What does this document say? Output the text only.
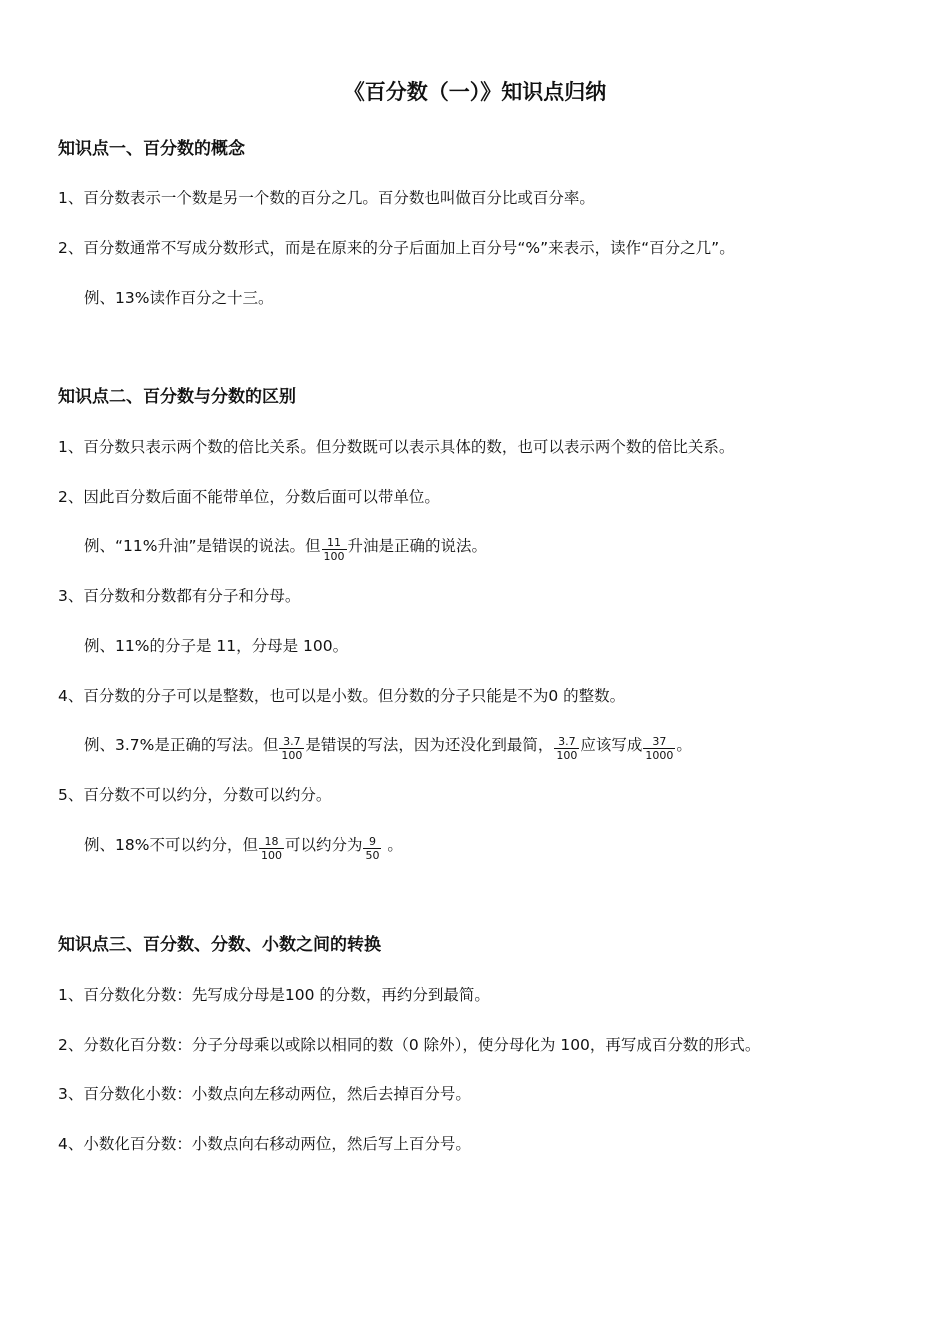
《百分数（一）》知识点归纳
知识点一、百分数的概念
1、百分数表示一个数是另一个数的百分之几。百分数也叫做百分比或百分率。
2、百分数通常不写成分数形式，而是在原来的分子后面加上百分号“%”来表示，读作“百分之几”。
例、13%读作百分之十三。
知识点二、百分数与分数的区别
1、百分数只表示两个数的倍比关系。但分数既可以表示具体的数，也可以表示两个数的倍比关系。
2、因此百分数后面不能带单位，分数后面可以带单位。
例、“11%升油”是错误的说法。但 $\frac{11}{100}$ 升油是正确的说法。
3、百分数和分数都有分子和分母。
例、11%的分子是 11，分母是 100。
4、百分数的分子可以是整数，也可以是小数。但分数的分子只能是不为0 的整数。
例、3.7%是正确的写法。但 $\frac{3.7}{100}$ 是错误的写法，因为还没化到最简， $\frac{3.7}{100}$ 应该写成 $\frac{37}{1000}$ 。
5、百分数不可以约分，分数可以约分。
例、18%不可以约分，但 $\frac{18}{100}$ 可以约分为 $\frac{9}{50}$ 。
知识点三、百分数、分数、小数之间的转换
1、百分数化分数：先写成分母是100 的分数，再约分到最简。
2、分数化百分数：分子分母乘以或除以相同的数（0 除外），使分母化为 100，再写成百分数的形式。
3、百分数化小数：小数点向左移动两位，然后去掉百分号。
4、小数化百分数：小数点向右移动两位，然后写上百分号。
